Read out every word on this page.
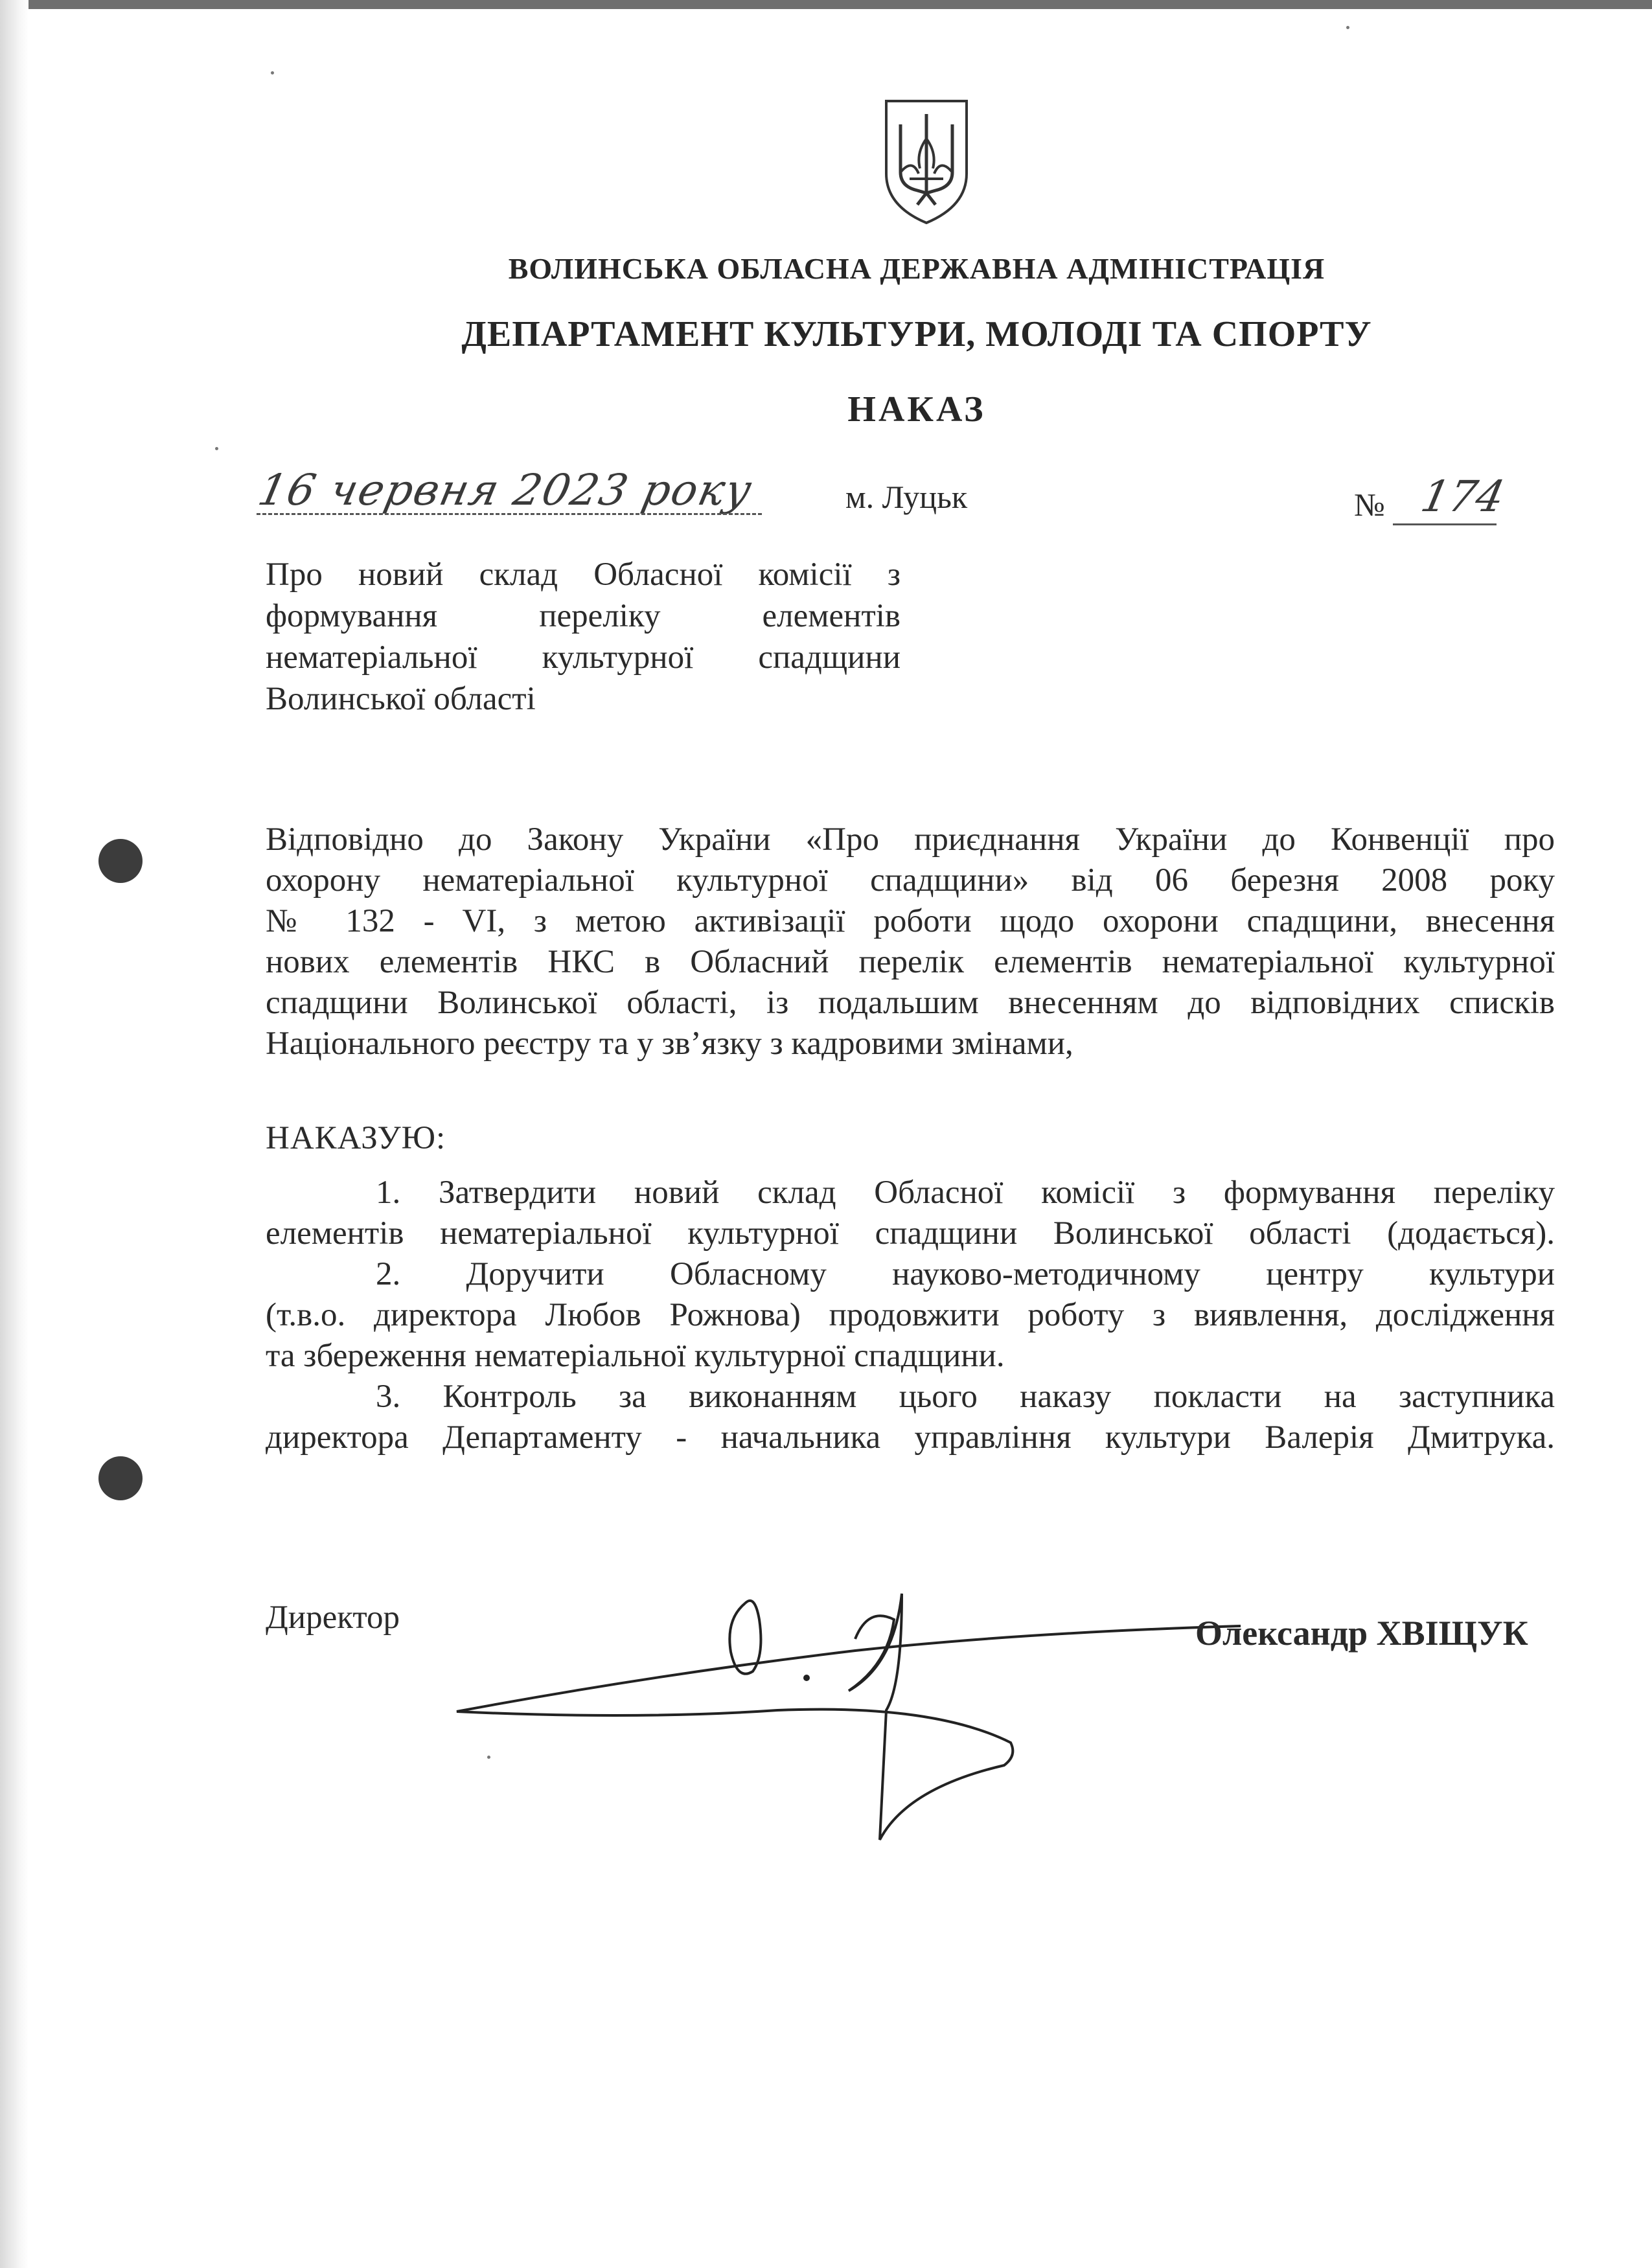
ВОЛИНСЬКА ОБЛАСНА ДЕРЖАВНА АДМІНІСТРАЦІЯ
ДЕПАРТАМЕНТ КУЛЬТУРИ, МОЛОДІ ТА СПОРТУ
НАКАЗ
16 червня 2023 року	м. Луцьк	№ 174
Про новий склад Обласної комісії з
формування переліку елементів
нематеріальної культурної спадщини
Волинської області
Відповідно до Закону України «Про приєднання України до Конвенції про
охорону нематеріальної культурної спадщини» від 06 березня 2008 року
№ 132 - VI, з метою активізації роботи щодо охорони спадщини, внесення
нових елементів НКС в Обласний перелік елементів нематеріальної культурної
спадщини Волинської області, із подальшим внесенням до відповідних списків
Національного реєстру та у зв’язку з кадровими змінами,
НАКАЗУЮ:
1. Затвердити новий склад Обласної комісії з формування переліку
елементів нематеріальної культурної спадщини Волинської області (додається).
2. Доручити Обласному науково-методичному центру культури
(т.в.о. директора Любов Рожнова) продовжити роботу з виявлення, дослідження
та збереження нематеріальної культурної спадщини.
3. Контроль за виконанням цього наказу покласти на заступника
директора Департаменту - начальника управління культури Валерія Дмитрука.
Директор	Олександр ХВІЩУК
